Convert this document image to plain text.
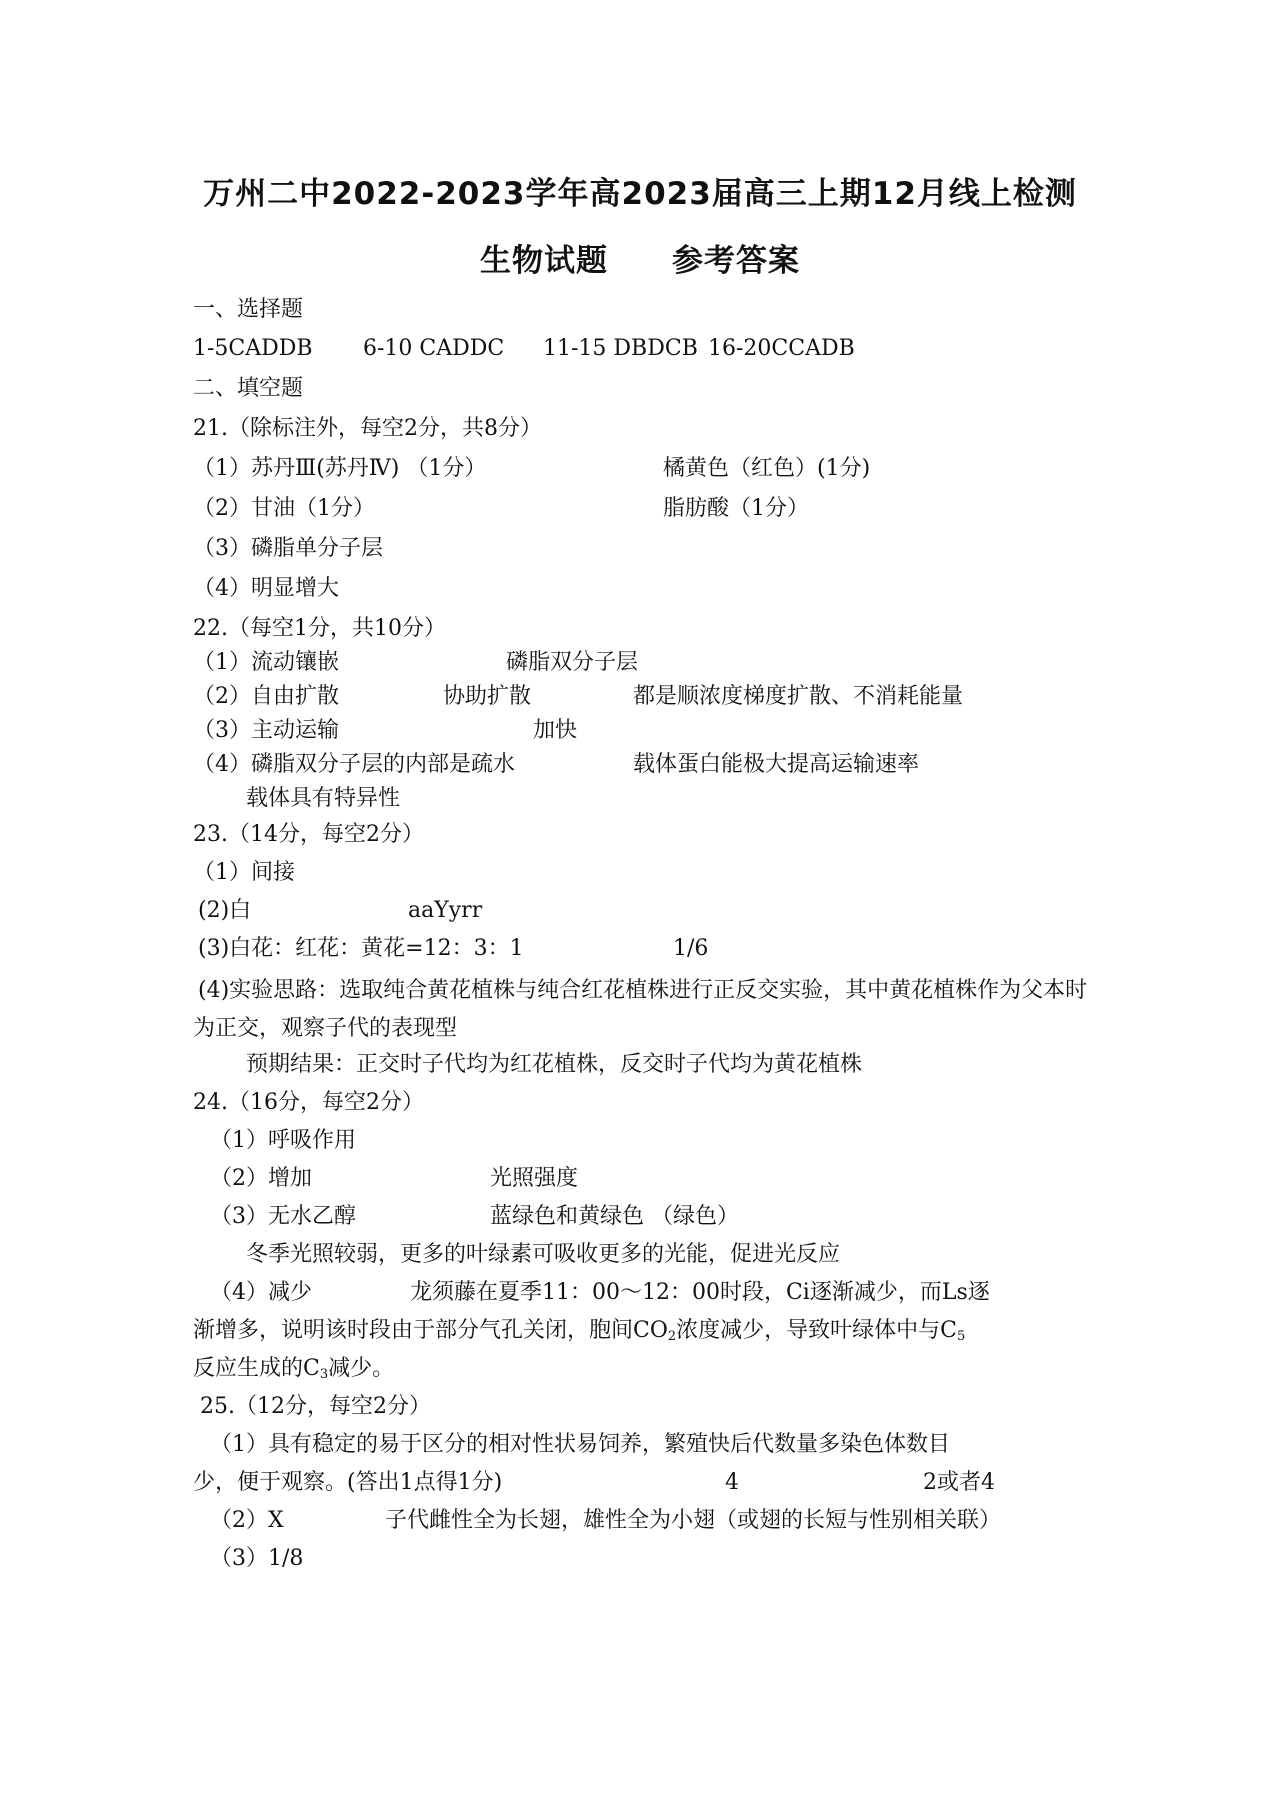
万州二中2022-2023学年高2023届高三上期12月线上检测
生物试题 参考答案
一、选择题
1-5CADDB 6-10 CADDC 11-15 DBDCB 16-20CCADB
二、填空题
21.（除标注外，每空2分，共8分）
（1）苏丹Ⅲ(苏丹Ⅳ) （1分）	橘黄色（红色）(1分)
（2）甘油（1分）	脂肪酸（1分）
（3）磷脂单分子层
（4）明显增大
22.（每空1分，共10分）
（1）流动镶嵌	磷脂双分子层
（2）自由扩散	协助扩散	都是顺浓度梯度扩散、不消耗能量
（3）主动运输	加快
（4）磷脂双分子层的内部是疏水	载体蛋白能极大提高运输速率
载体具有特异性
23.（14分，每空2分）
（1）间接
(2)白	aaYyrr
(3)白花：红花：黄花=12：3：1	1/6
(4)实验思路：选取纯合黄花植株与纯合红花植株进行正反交实验，其中黄花植株作为父本时为正交，观察子代的表现型
预期结果：正交时子代均为红花植株，反交时子代均为黄花植株
24.（16分，每空2分）
（1）呼吸作用
（2）增加	光照强度
（3）无水乙醇	蓝绿色和黄绿色 （绿色）
冬季光照较弱，更多的叶绿素可吸收更多的光能，促进光反应
（4）减少	龙须藤在夏季11：00～12：00时段，Ci逐渐减少，而Ls逐
渐增多，说明该时段由于部分气孔关闭，胞间$CO_2$浓度减少，导致叶绿体中与$C_5$
反应生成的$C_3$减少。
25.（12分，每空2分）
（1）具有稳定的易于区分的相对性状易饲养，繁殖快后代数量多染色体数目
少，便于观察。(答出1点得1分)	4	2或者4
（2）X	子代雌性全为长翅，雄性全为小翅（或翅的长短与性别相关联）
（3）1/8
